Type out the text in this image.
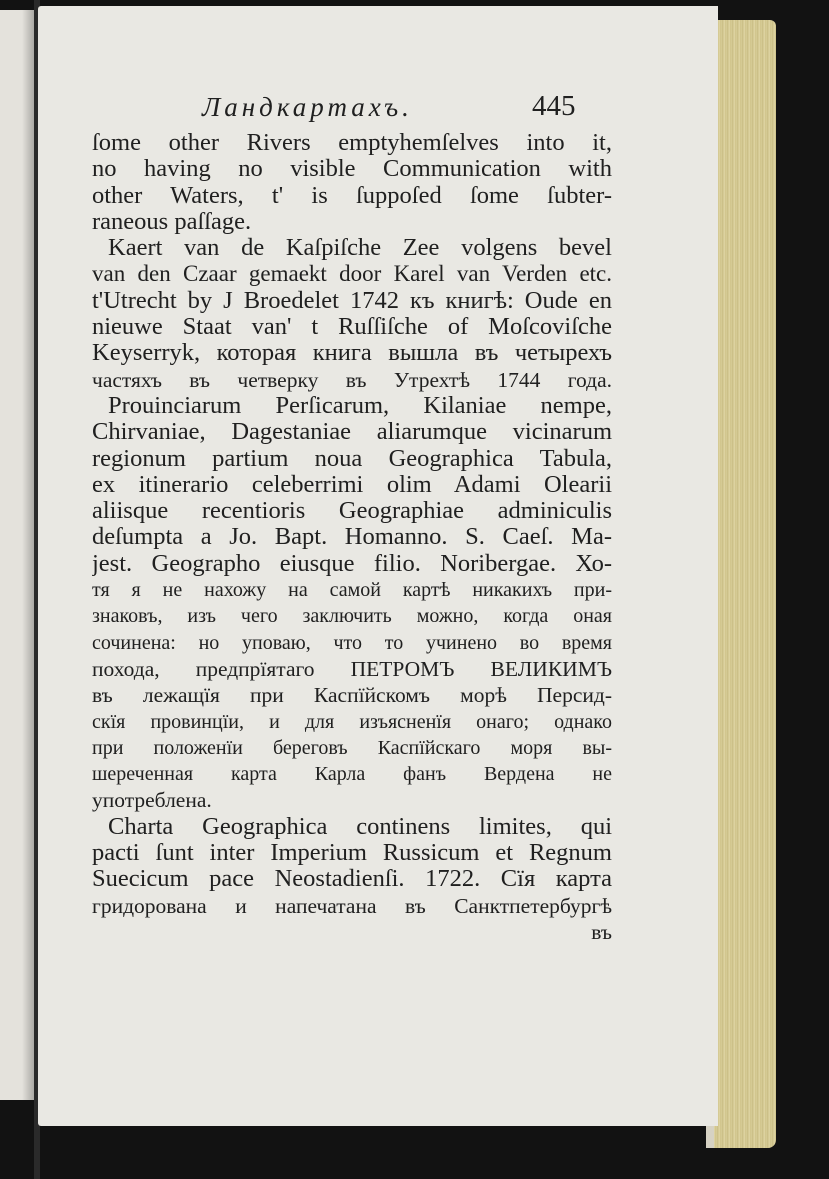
Ландкартахъ.	445
ſome other Rivers emptyhemſelves into it,
no having no visible Communication with
other Waters, t' is ſuppoſed ſome ſubter-
raneous paſſage.
Kaert van de Kaſpiſche Zee volgens bevel
van den Czaar gemaekt door Karel van Verden etc.
t'Utrecht by J Broedelet 1742 къ книгѣ: Oude en
nieuwe Staat van' t Ruſſiſche of Moſcoviſche
Keyserryk, которая книга вышла въ четырехъ
частяхъ въ четверку въ Утрехтѣ 1744 года.
Prouinciarum Perſicarum, Kilaniae nempe,
Chirvaniae, Dagestaniae aliarumque vicinarum
regionum partium noua Geographica Tabula,
ex itinerario celeberrimi olim Adami Olearii
aliisque recentioris Geographiae adminiculis
deſumpta a Jo. Bapt. Homanno. S. Caeſ. Ma-
jest. Geographo eiusque filio. Noribergae. Хо-
тя я не нахожу на самой картѣ никакихъ при-
знаковъ, изъ чего заключить можно, когда оная
сочинена: но уповаю, что то учинено во время
похода, предпрїятаго ПЕТРОМЪ ВЕЛИКИМЪ
въ лежащїя при Каспїйскомъ морѣ Персид-
скїя провинцїи, и для изъясненїя онаго; однако
при положенїи береговъ Каспїйскаго моря вы-
шереченная карта Карла фанъ Вердена не
употреблена.
Charta Geographica continens limites, qui
pacti ſunt inter Imperium Russicum et Regnum
Suecicum pace Neostadienſi. 1722. Сїя карта
гридорована и напечатана въ Санктпетербургѣ
въ
